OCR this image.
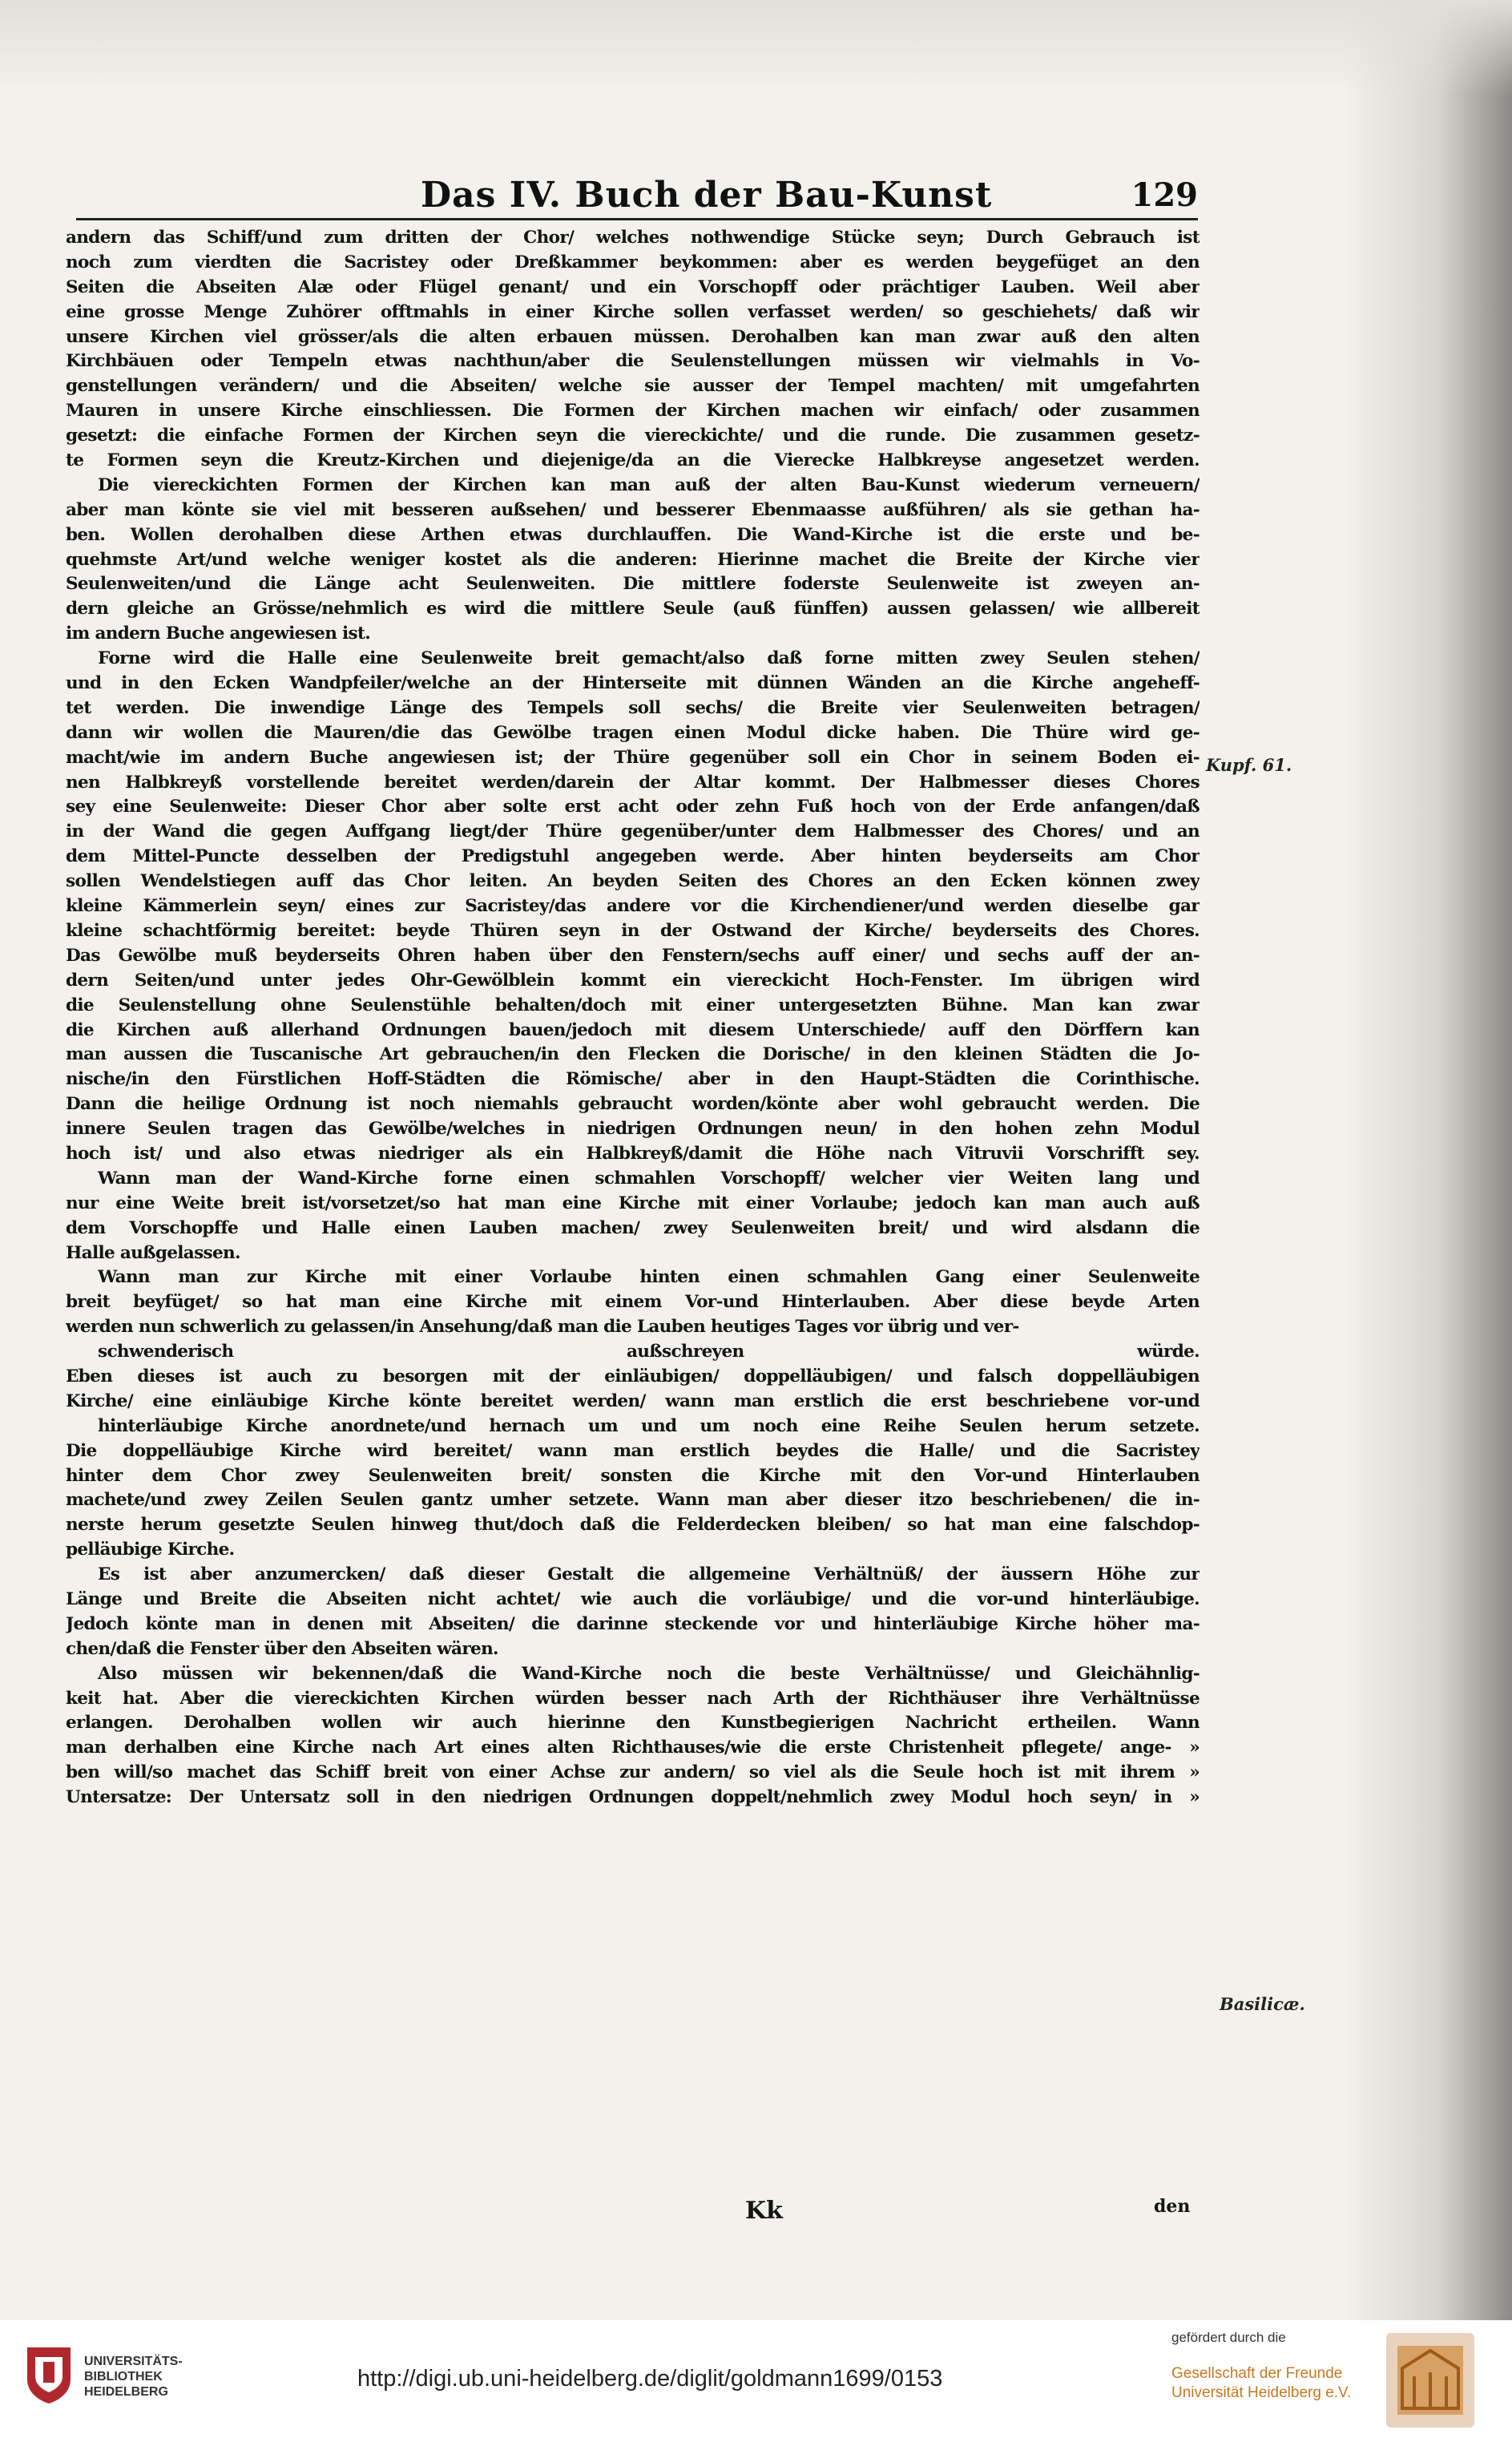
Das IV. Buch der Bau-Kunst	129
andern das Schiff/und zum dritten der Chor/ welches nothwendige Stücke seyn; Durch Gebrauch ist
noch zum vierdten die Sacristey oder Dreßkammer beykommen: aber es werden beygefüget an den
Seiten die Abseiten Alæ oder Flügel genant/ und ein Vorschopff oder prächtiger Lauben. Weil aber
eine grosse Menge Zuhörer offtmahls in einer Kirche sollen verfasset werden/ so geschiehets/ daß wir
unsere Kirchen viel grösser/als die alten erbauen müssen. Derohalben kan man zwar auß den alten
Kirchbäuen oder Tempeln etwas nachthun/aber die Seulenstellungen müssen wir vielmahls in Vo-
genstellungen verändern/ und die Abseiten/ welche sie ausser der Tempel machten/ mit umgefahrten
Mauren in unsere Kirche einschliessen. Die Formen der Kirchen machen wir einfach/ oder zusammen
gesetzt: die einfache Formen der Kirchen seyn die viereckichte/ und die runde. Die zusammen gesetz-
te Formen seyn die Kreutz-Kirchen und diejenige/da an die Vierecke Halbkreyse angesetzet werden.
Die viereckichten Formen der Kirchen kan man auß der alten Bau-Kunst wiederum verneuern/
aber man könte sie viel mit besseren außsehen/ und besserer Ebenmaasse außführen/ als sie gethan ha-
ben. Wollen derohalben diese Arthen etwas durchlauffen. Die Wand-Kirche ist die erste und be-
quehmste Art/und welche weniger kostet als die anderen: Hierinne machet die Breite der Kirche vier
Seulenweiten/und die Länge acht Seulenweiten. Die mittlere foderste Seulenweite ist zweyen an-
dern gleiche an Grösse/nehmlich es wird die mittlere Seule (auß fünffen) aussen gelassen/ wie allbereit
im andern Buche angewiesen ist.
Forne wird die Halle eine Seulenweite breit gemacht/also daß forne mitten zwey Seulen stehen/
und in den Ecken Wandpfeiler/welche an der Hinterseite mit dünnen Wänden an die Kirche angeheff-
tet werden. Die inwendige Länge des Tempels soll sechs/ die Breite vier Seulenweiten betragen/
dann wir wollen die Mauren/die das Gewölbe tragen einen Modul dicke haben. Die Thüre wird ge-
macht/wie im andern Buche angewiesen ist; der Thüre gegenüber soll ein Chor in seinem Boden ei-
nen Halbkreyß vorstellende bereitet werden/darein der Altar kommt. Der Halbmesser dieses Chores
sey eine Seulenweite: Dieser Chor aber solte erst acht oder zehn Fuß hoch von der Erde anfangen/daß
in der Wand die gegen Auffgang liegt/der Thüre gegenüber/unter dem Halbmesser des Chores/ und an
dem Mittel-Puncte desselben der Predigstuhl angegeben werde. Aber hinten beyderseits am Chor
sollen Wendelstiegen auff das Chor leiten. An beyden Seiten des Chores an den Ecken können zwey
kleine Kämmerlein seyn/ eines zur Sacristey/das andere vor die Kirchendiener/und werden dieselbe gar
kleine schachtförmig bereitet: beyde Thüren seyn in der Ostwand der Kirche/ beyderseits des Chores.
Das Gewölbe muß beyderseits Ohren haben über den Fenstern/sechs auff einer/ und sechs auff der an-
dern Seiten/und unter jedes Ohr-Gewölblein kommt ein viereckicht Hoch-Fenster. Im übrigen wird
die Seulenstellung ohne Seulenstühle behalten/doch mit einer untergesetzten Bühne. Man kan zwar
die Kirchen auß allerhand Ordnungen bauen/jedoch mit diesem Unterschiede/ auff den Dörffern kan
man aussen die Tuscanische Art gebrauchen/in den Flecken die Dorische/ in den kleinen Städten die Jo-
nische/in den Fürstlichen Hoff-Städten die Römische/ aber in den Haupt-Städten die Corinthische.
Dann die heilige Ordnung ist noch niemahls gebraucht worden/könte aber wohl gebraucht werden. Die
innere Seulen tragen das Gewölbe/welches in niedrigen Ordnungen neun/ in den hohen zehn Modul
hoch ist/ und also etwas niedriger als ein Halbkreyß/damit die Höhe nach Vitruvii Vorschrifft sey.
Wann man der Wand-Kirche forne einen schmahlen Vorschopff/ welcher vier Weiten lang und
nur eine Weite breit ist/vorsetzet/so hat man eine Kirche mit einer Vorlaube; jedoch kan man auch auß
dem Vorschopffe und Halle einen Lauben machen/ zwey Seulenweiten breit/ und wird alsdann die
Halle außgelassen.
Wann man zur Kirche mit einer Vorlaube hinten einen schmahlen Gang einer Seulenweite
breit beyfüget/ so hat man eine Kirche mit einem Vor-und Hinterlauben. Aber diese beyde Arten
werden nun schwerlich zu gelassen/in Ansehung/daß man die Lauben heutiges Tages vor übrig und ver-
schwenderisch außschreyen würde.
Eben dieses ist auch zu besorgen mit der einläubigen/ doppelläubigen/ und falsch doppelläubigen
Kirche/ eine einläubige Kirche könte bereitet werden/ wann man erstlich die erst beschriebene vor-und
hinterläubige Kirche anordnete/und hernach um und um noch eine Reihe Seulen herum setzete.
Die doppelläubige Kirche wird bereitet/ wann man erstlich beydes die Halle/ und die Sacristey
hinter dem Chor zwey Seulenweiten breit/ sonsten die Kirche mit den Vor-und Hinterlauben
machete/und zwey Zeilen Seulen gantz umher setzete. Wann man aber dieser itzo beschriebenen/ die in-
nerste herum gesetzte Seulen hinweg thut/doch daß die Felderdecken bleiben/ so hat man eine falschdop-
pelläubige Kirche.
Es ist aber anzumercken/ daß dieser Gestalt die allgemeine Verhältnüß/ der äussern Höhe zur
Länge und Breite die Abseiten nicht achtet/ wie auch die vorläubige/ und die vor-und hinterläubige.
Jedoch könte man in denen mit Abseiten/ die darinne steckende vor und hinterläubige Kirche höher ma-
chen/daß die Fenster über den Abseiten wären.
Also müssen wir bekennen/daß die Wand-Kirche noch die beste Verhältnüsse/ und Gleichähnlig-
keit hat. Aber die viereckichten Kirchen würden besser nach Arth der Richthäuser ihre Verhältnüsse
erlangen. Derohalben wollen wir auch hierinne den Kunstbegierigen Nachricht ertheilen. Wann
man derhalben eine Kirche nach Art eines alten Richthauses/wie die erste Christenheit pflegete/ ange- »
ben will/so machet das Schiff breit von einer Achse zur andern/ so viel als die Seule hoch ist mit ihrem »
Untersatze: Der Untersatz soll in den niedrigen Ordnungen doppelt/nehmlich zwey Modul hoch seyn/ in »
Kupf. 61.
Basilicæ.
Kk	den
UNIVERSITÄTS-
BIBLIOTHEK
HEIDELBERG
http://digi.ub.uni-heidelberg.de/diglit/goldmann1699/0153
gefördert durch die
Gesellschaft der Freunde
Universität Heidelberg e.V.
